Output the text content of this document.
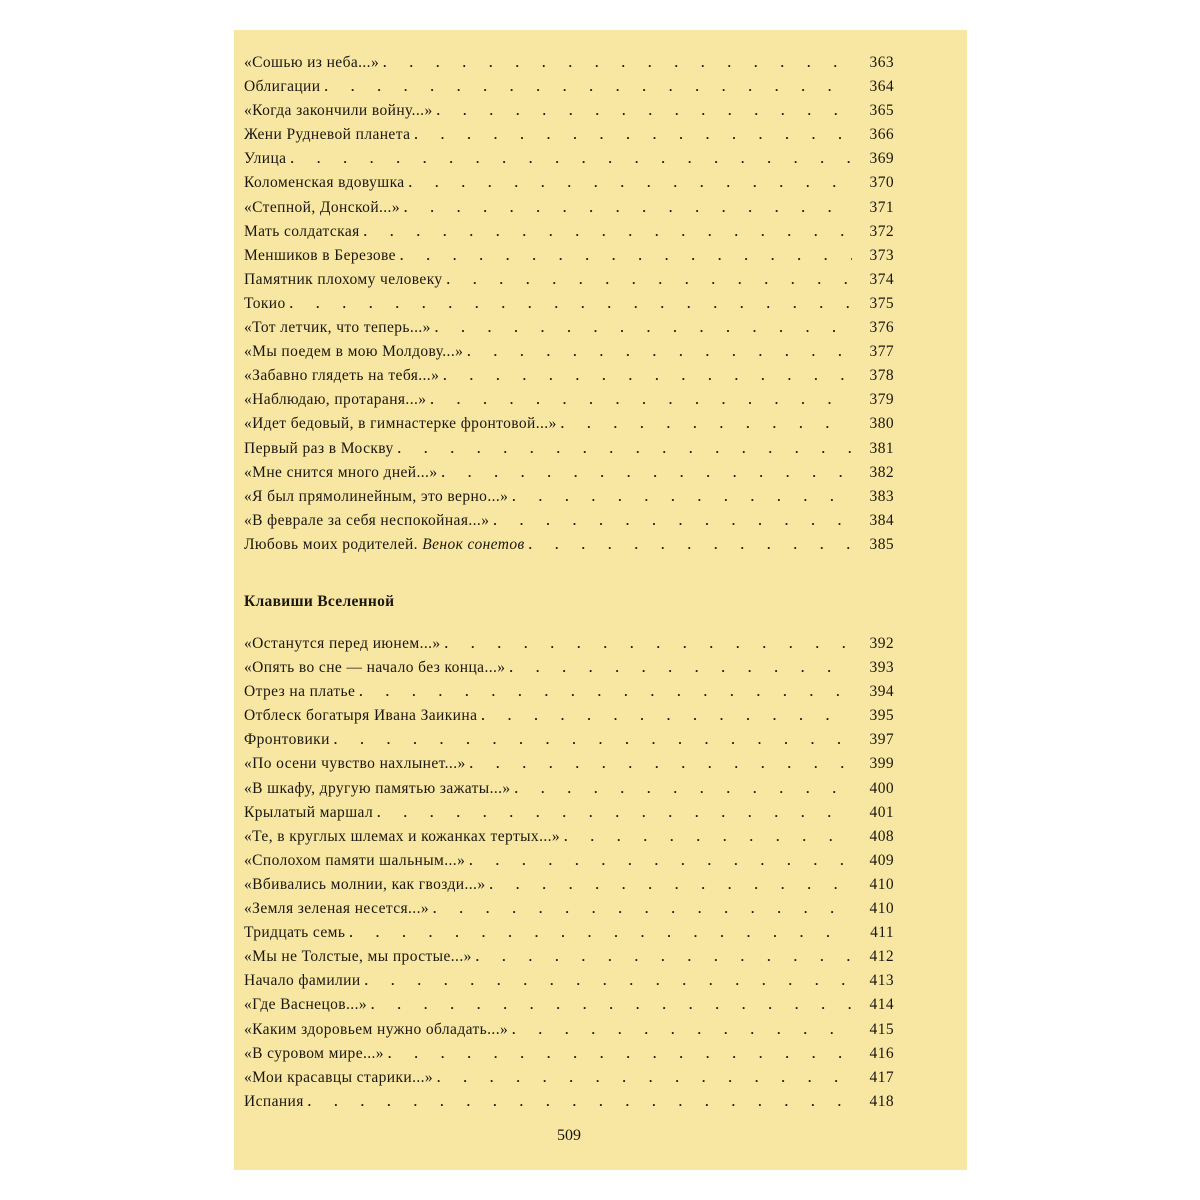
«Сошью из неба...» . . .	363
Облигации . . .	364
«Когда закончили войну...» . . .	365
Жени Рудневой планета . . .	366
Улица . . .	369
Коломенская вдовушка . . .	370
«Степной, Донской...» . . .	371
Мать солдатская . . .	372
Меншиков в Березове . . .	373
Памятник плохому человеку . . .	374
Токио . . .	375
«Тот летчик, что теперь...» . . .	376
«Мы поедем в мою Молдову...» . . .	377
«Забавно глядеть на тебя...» . . .	378
«Наблюдаю, протараня...» . . .	379
«Идет бедовый, в гимнастерке фронтовой...» . . .	380
Первый раз в Москву . . .	381
«Мне снится много дней...» . . .	382
«Я был прямолинейным, это верно...» . . .	383
«В феврале за себя неспокойная...» . . .	384
Любовь моих родителей. Венок сонетов . . .	385
Клавиши Вселенной
«Останутся перед июнем...» . . .	392
«Опять во сне — начало без конца...» . . .	393
Отрез на платье . . .	394
Отблеск богатыря Ивана Заикина . . .	395
Фронтовики . . .	397
«По осени чувство нахлынет...» . . .	399
«В шкафу, другую памятью зажаты...» . . .	400
Крылатый маршал . . .	401
«Те, в круглых шлемах и кожанках тертых...» . . .	408
«Сполохом памяти шальным...» . . .	409
«Вбивались молнии, как гвозди...» . . .	410
«Земля зеленая несется...» . . .	410
Тридцать семь . . .	411
«Мы не Толстые, мы простые...» . . .	412
Начало фамилии . . .	413
«Где Васнецов...» . . .	414
«Каким здоровьем нужно обладать...» . . .	415
«В суровом мире...» . . .	416
«Мои красавцы старики...» . . .	417
Испания . . .	418
509
